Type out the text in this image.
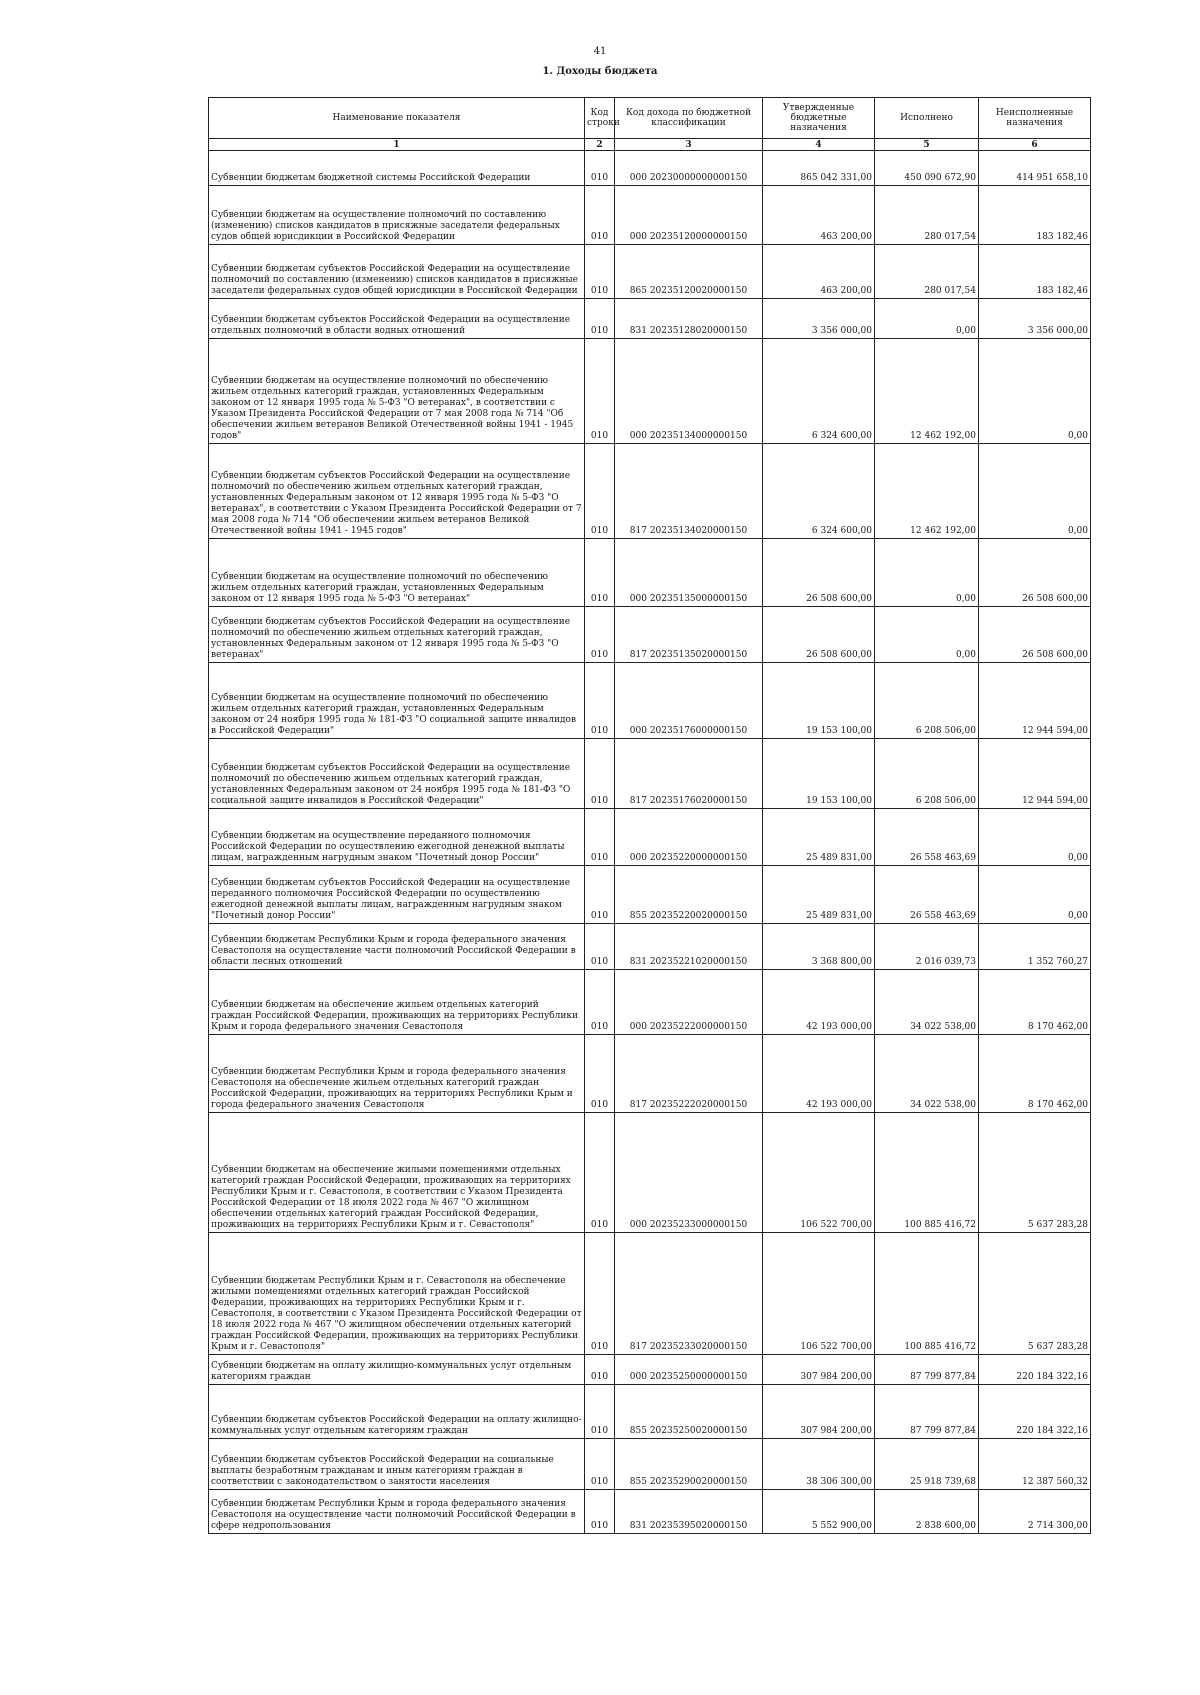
41
1. Доходы бюджета
Наименование показателя	Код строки	Код дохода по бюджетной классификации	Утвержденные бюджетные назначения	Исполнено	Неисполненные назначения
1	2	3	4	5	6
Субвенции бюджетам бюджетной системы Российской Федерации	010	000 20230000000000150	865 042 331,00	450 090 672,90	414 951 658,10
Субвенции бюджетам на осуществление полномочий по составлению (изменению) списков кандидатов в присяжные заседатели федеральных судов общей юрисдикции в Российской Федерации	010	000 20235120000000150	463 200,00	280 017,54	183 182,46
Субвенции бюджетам субъектов Российской Федерации на осуществление полномочий по составлению (изменению) списков кандидатов в присяжные заседатели федеральных судов общей юрисдикции в Российской Федерации	010	865 20235120020000150	463 200,00	280 017,54	183 182,46
Субвенции бюджетам субъектов Российской Федерации на осуществление отдельных полномочий в области водных отношений	010	831 20235128020000150	3 356 000,00	0,00	3 356 000,00
Субвенции бюджетам на осуществление полномочий по обеспечению жильем отдельных категорий граждан, установленных Федеральным законом от 12 января 1995 года № 5-ФЗ "О ветеранах", в соответствии с Указом Президента Российской Федерации от 7 мая 2008 года № 714 "Об обеспечении жильем ветеранов Великой Отечественной войны 1941 - 1945 годов"	010	000 20235134000000150	6 324 600,00	12 462 192,00	0,00
Субвенции бюджетам субъектов Российской Федерации на осуществление полномочий по обеспечению жильем отдельных категорий граждан, установленных Федеральным законом от 12 января 1995 года № 5-ФЗ "О ветеранах", в соответствии с Указом Президента Российской Федерации от 7 мая 2008 года № 714 "Об обеспечении жильем ветеранов Великой Отечественной войны 1941 - 1945 годов"	010	817 20235134020000150	6 324 600,00	12 462 192,00	0,00
Субвенции бюджетам на осуществление полномочий по обеспечению жильем отдельных категорий граждан, установленных Федеральным законом от 12 января 1995 года № 5-ФЗ "О ветеранах"	010	000 20235135000000150	26 508 600,00	0,00	26 508 600,00
Субвенции бюджетам субъектов Российской Федерации на осуществление полномочий по обеспечению жильем отдельных категорий граждан, установленных Федеральным законом от 12 января 1995 года № 5-ФЗ "О ветеранах"	010	817 20235135020000150	26 508 600,00	0,00	26 508 600,00
Субвенции бюджетам на осуществление полномочий по обеспечению жильем отдельных категорий граждан, установленных Федеральным законом от 24 ноября 1995 года № 181-ФЗ "О социальной защите инвалидов в Российской Федерации"	010	000 20235176000000150	19 153 100,00	6 208 506,00	12 944 594,00
Субвенции бюджетам субъектов Российской Федерации на осуществление полномочий по обеспечению жильем отдельных категорий граждан, установленных Федеральным законом от 24 ноября 1995 года № 181-ФЗ "О социальной защите инвалидов в Российской Федерации"	010	817 20235176020000150	19 153 100,00	6 208 506,00	12 944 594,00
Субвенции бюджетам на осуществление переданного полномочия Российской Федерации по осуществлению ежегодной денежной выплаты лицам, награжденным нагрудным знаком "Почетный донор России"	010	000 20235220000000150	25 489 831,00	26 558 463,69	0,00
Субвенции бюджетам субъектов Российской Федерации на осуществление переданного полномочия Российской Федерации по осуществлению ежегодной денежной выплаты лицам, награжденным нагрудным знаком "Почетный донор России"	010	855 20235220020000150	25 489 831,00	26 558 463,69	0,00
Субвенции бюджетам Республики Крым и города федерального значения Севастополя на осуществление части полномочий Российской Федерации в области лесных отношений	010	831 20235221020000150	3 368 800,00	2 016 039,73	1 352 760,27
Субвенции бюджетам на обеспечение жильем отдельных категорий граждан Российской Федерации, проживающих на территориях Республики Крым и города федерального значения Севастополя	010	000 20235222000000150	42 193 000,00	34 022 538,00	8 170 462,00
Субвенции бюджетам Республики Крым и города федерального значения Севастополя на обеспечение жильем отдельных категорий граждан Российской Федерации, проживающих на территориях Республики Крым и города федерального значения Севастополя	010	817 20235222020000150	42 193 000,00	34 022 538,00	8 170 462,00
Субвенции бюджетам на обеспечение жилыми помещениями отдельных категорий граждан Российской Федерации, проживающих на территориях Республики Крым и г. Севастополя, в соответствии с Указом Президента Российской Федерации от 18 июля 2022 года № 467 "О жилищном обеспечении отдельных категорий граждан Российской Федерации, проживающих на территориях Республики Крым и г. Севастополя"	010	000 20235233000000150	106 522 700,00	100 885 416,72	5 637 283,28
Субвенции бюджетам Республики Крым и г. Севастополя на обеспечение жилыми помещениями отдельных категорий граждан Российской Федерации, проживающих на территориях Республики Крым и г. Севастополя, в соответствии с Указом Президента Российской Федерации от 18 июля 2022 года № 467 "О жилищном обеспечении отдельных категорий граждан Российской Федерации, проживающих на территориях Республики Крым и г. Севастополя"	010	817 20235233020000150	106 522 700,00	100 885 416,72	5 637 283,28
Субвенции бюджетам на оплату жилищно-коммунальных услуг отдельным категориям граждан	010	000 20235250000000150	307 984 200,00	87 799 877,84	220 184 322,16
Субвенции бюджетам субъектов Российской Федерации на оплату жилищно-коммунальных услуг отдельным категориям граждан	010	855 20235250020000150	307 984 200,00	87 799 877,84	220 184 322,16
Субвенции бюджетам субъектов Российской Федерации на социальные выплаты безработным гражданам и иным категориям граждан в соответствии с законодательством о занятости населения	010	855 20235290020000150	38 306 300,00	25 918 739,68	12 387 560,32
Субвенции бюджетам Республики Крым и города федерального значения Севастополя на осуществление части полномочий Российской Федерации в сфере недропользования	010	831 20235395020000150	5 552 900,00	2 838 600,00	2 714 300,00
